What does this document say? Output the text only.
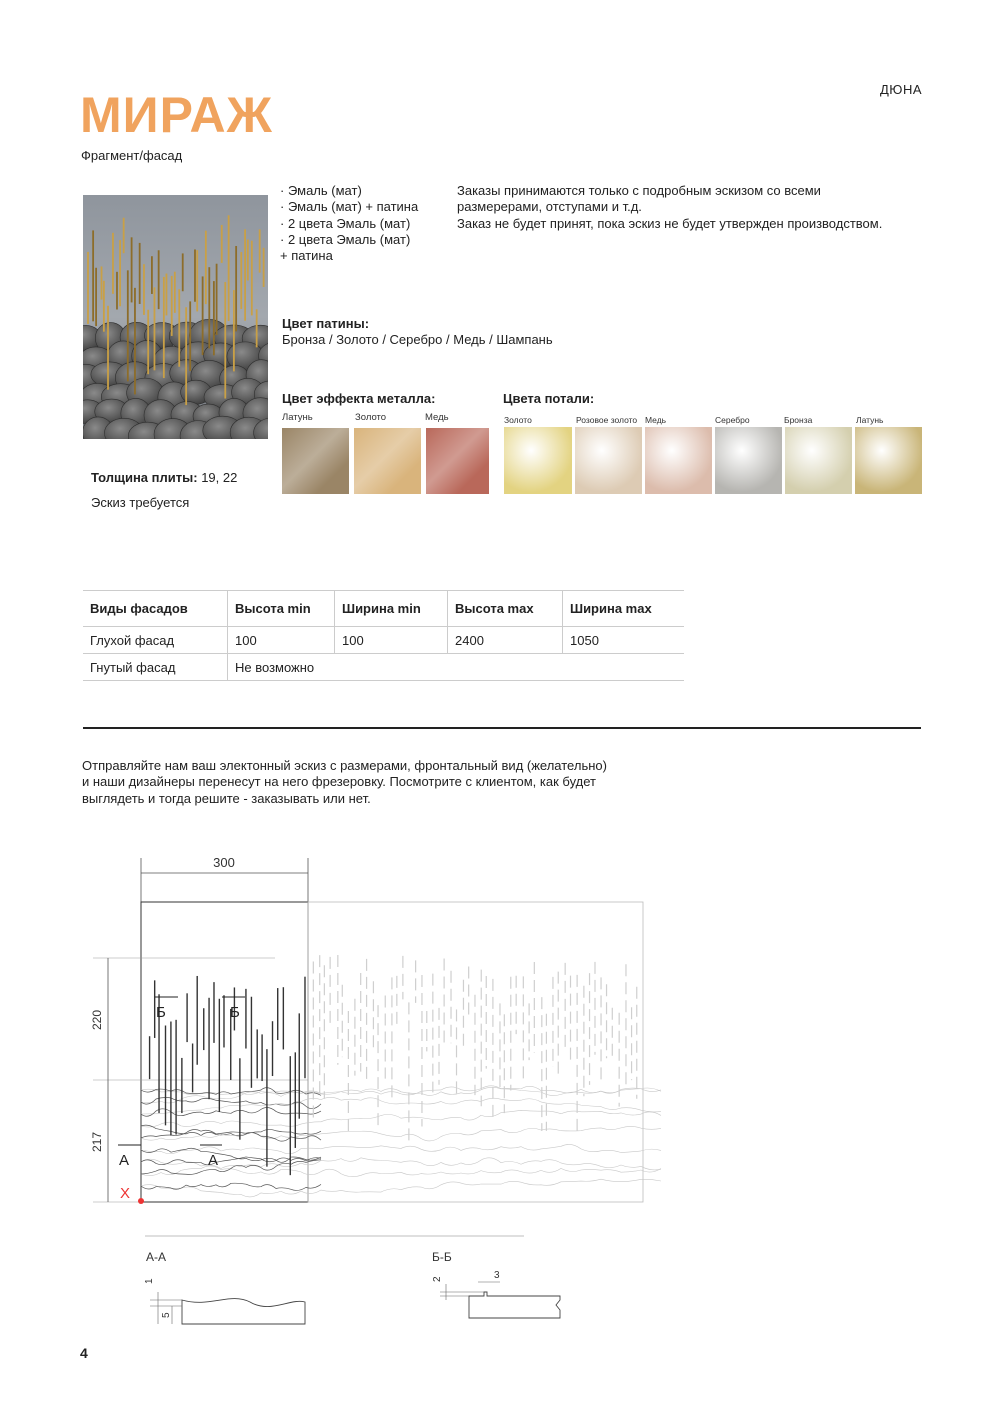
МИРАЖ
Фрагмент/фасад
ДЮНА
· Эмаль (мат)
· Эмаль (мат) + патина
· 2 цвета Эмаль (мат)
· 2 цвета Эмаль (мат)
+ патина
Заказы принимаются только с подробным эскизом со всеми
размерерами, отступами и т.д.
Заказ не будет принят, пока эскиз не будет утвержден производством.
Цвет патины:
Бронза / Золото / Серебро / Медь / Шампань
Цвет эффекта металла:	Цвета потали:
Латунь	Золото	Медь	Золото	Розовое золото Медь	Серебро	Бронза	Латунь
Толщина плиты: 19, 22
Эскиз требуется
Виды фасадов	Высота min	Ширина min	Высота max	Ширина max
Глухой фасад	100	100	2400	1050
Гнутый фасад	Не возможно			
Отправляйте нам ваш электонный эскиз с размерами, фронтальный вид (желательно)
и наши дизайнеры перенесут на него фрезеровку. Посмотрите с клиентом, как будет
выглядеть и тогда решите - заказывать или нет.
300
220
217
Б	Б
А	А
X
А-А
1
5
Б-Б
2	3
4
